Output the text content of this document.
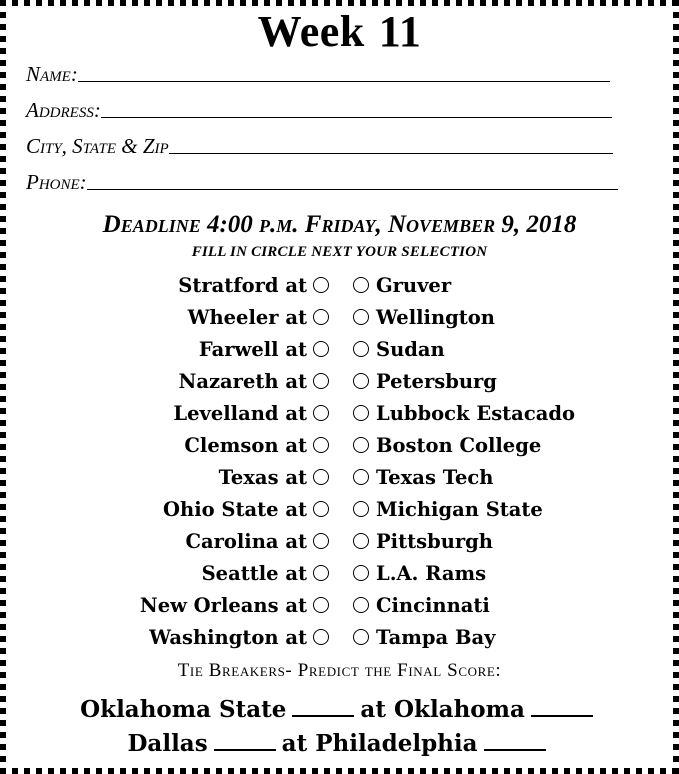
Week 11
Name:
Address:
City, State & Zip
Phone:
Deadline 4:00 p.m. Friday, November 9, 2018
FILL IN CIRCLE NEXT YOUR SELECTION
Stratford at	Gruver
Wheeler at	Wellington
Farwell at	Sudan
Nazareth at	Petersburg
Levelland at	Lubbock Estacado
Clemson at	Boston College
Texas at	Texas Tech
Ohio State at	Michigan State
Carolina at	Pittsburgh
Seattle at	L.A. Rams
New Orleans at	Cincinnati
Washington at	Tampa Bay
Tie Breakers- Predict the Final Score:
Oklahoma State	at Oklahoma
Dallas	at Philadelphia
